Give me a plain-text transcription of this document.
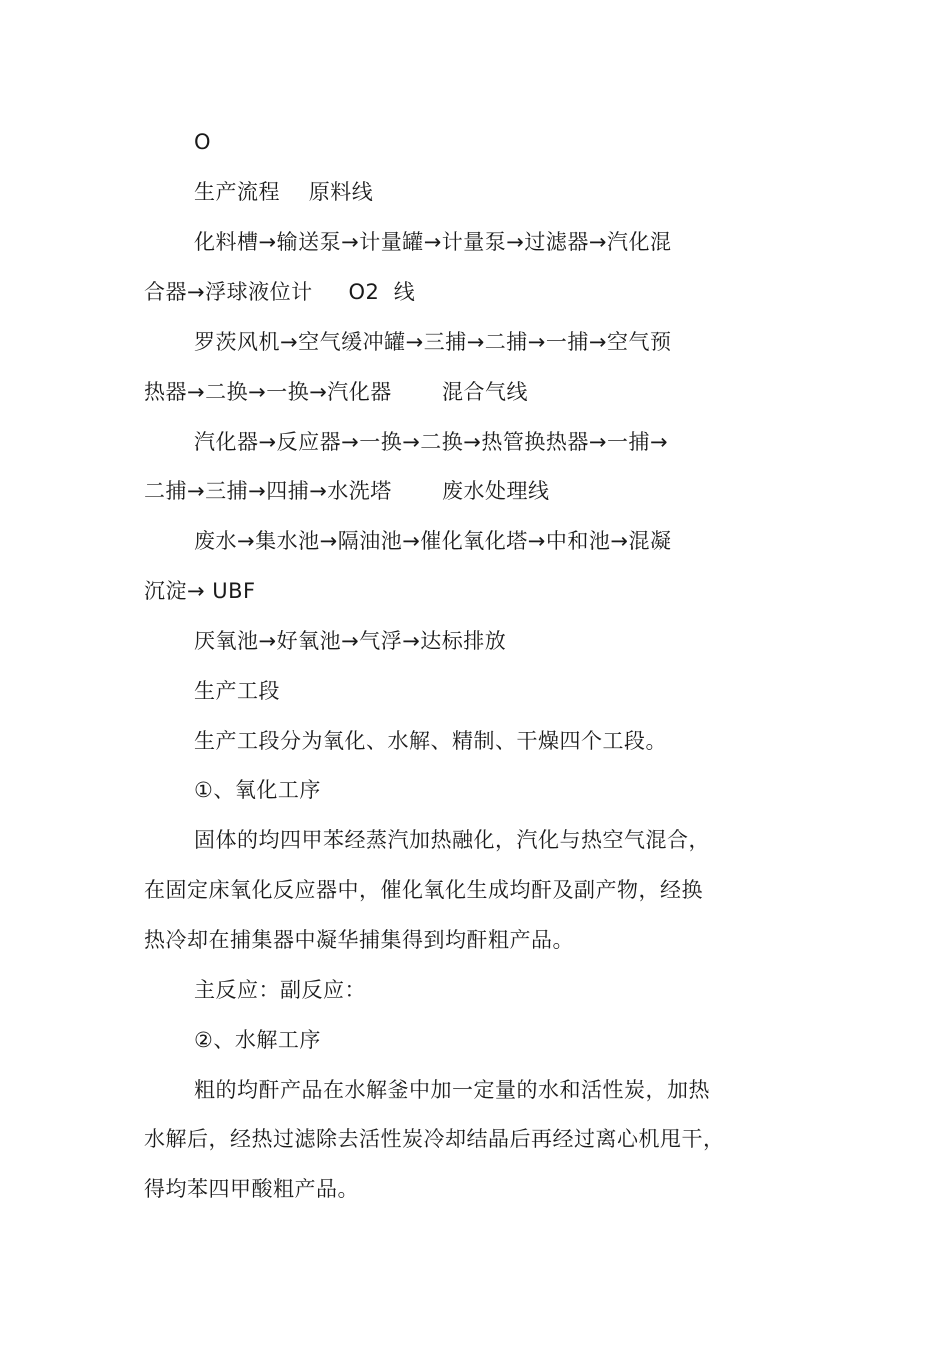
O
生产流程    原料线
化料槽→输送泵→计量罐→计量泵→过滤器→汽化混
合器→浮球液位计     O2  线
罗茨风机→空气缓冲罐→三捕→二捕→一捕→空气预
热器→二换→一换→汽化器       混合气线
汽化器→反应器→一换→二换→热管换热器→一捕→
二捕→三捕→四捕→水洗塔       废水处理线
废水→集水池→隔油池→催化氧化塔→中和池→混凝
沉淀→ UBF
厌氧池→好氧池→气浮→达标排放
生产工段
生产工段分为氧化、水解、精制、干燥四个工段。
①、氧化工序
固体的均四甲苯经蒸汽加热融化，汽化与热空气混合，
在固定床氧化反应器中，催化氧化生成均酐及副产物，经换
热冷却在捕集器中凝华捕集得到均酐粗产品。
主反应：副反应：
②、水解工序
粗的均酐产品在水解釜中加一定量的水和活性炭，加热
水解后，经热过滤除去活性炭冷却结晶后再经过离心机甩干，
得均苯四甲酸粗产品。
